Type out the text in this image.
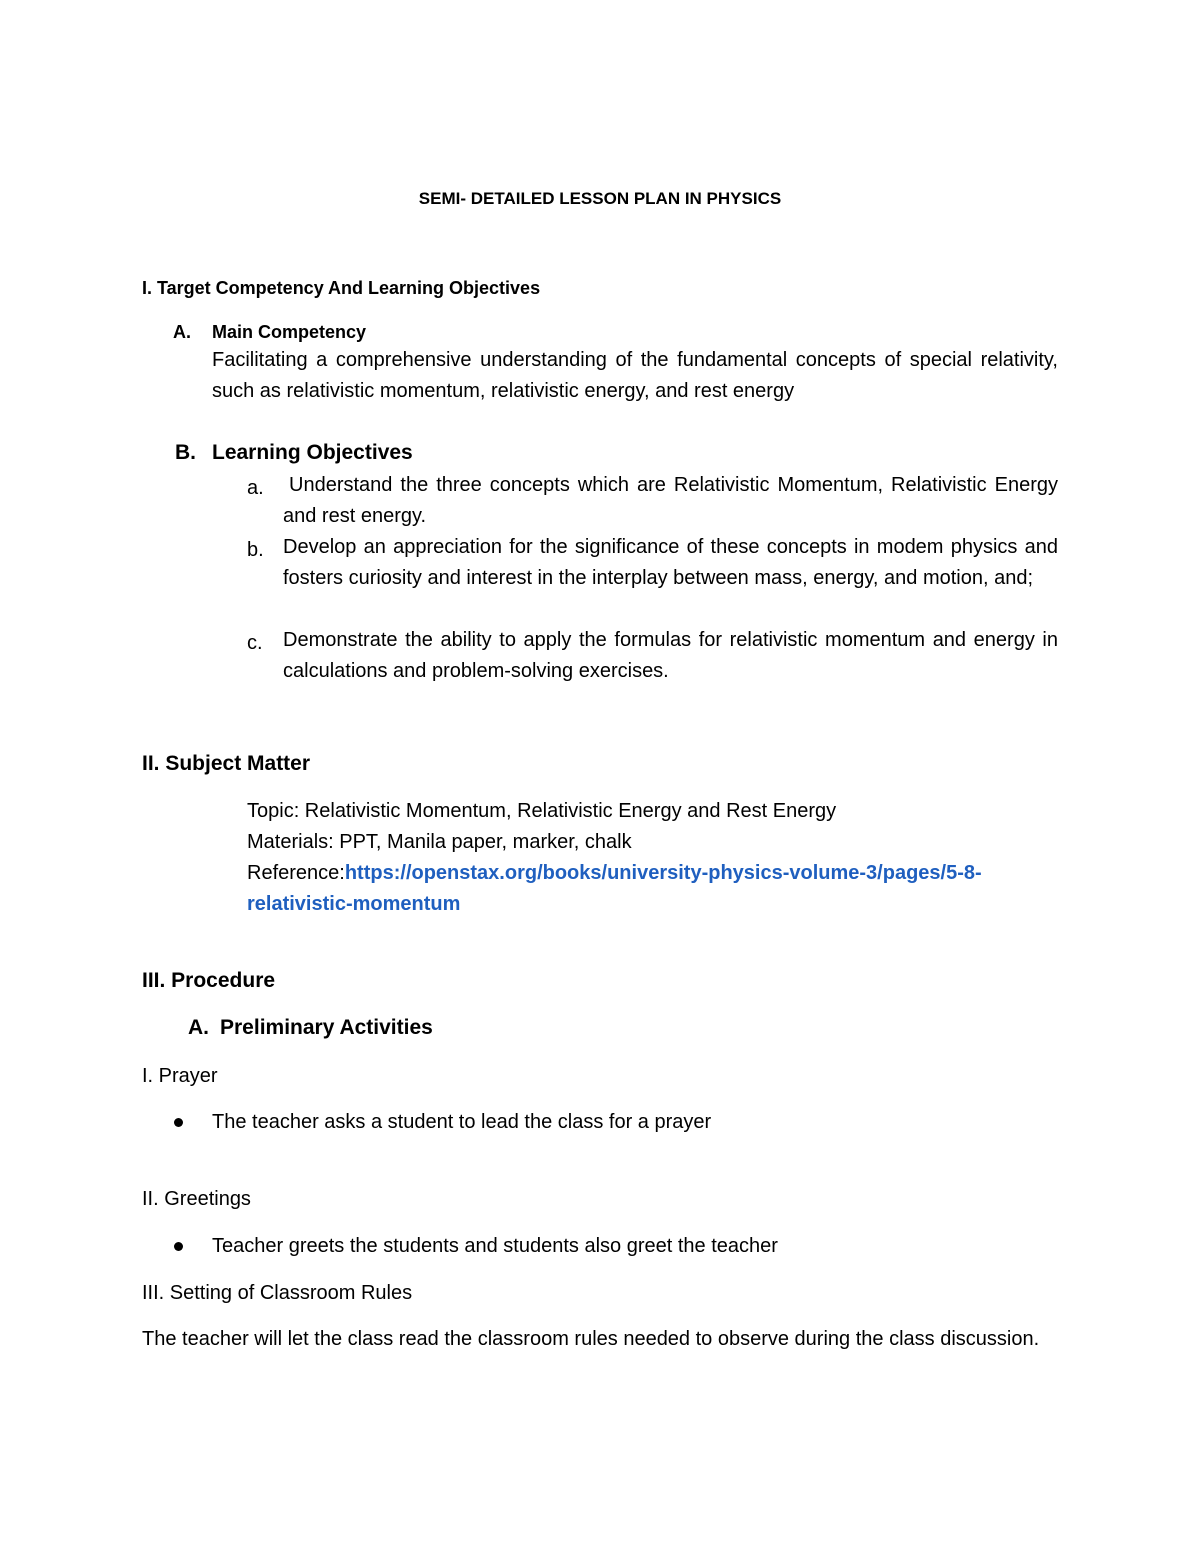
SEMI- DETAILED LESSON PLAN IN PHYSICS
I. Target Competency And Learning Objectives
A. Main Competency
Facilitating a comprehensive understanding of the fundamental concepts of special relativity, such as relativistic momentum, relativistic energy, and rest energy
B. Learning Objectives
a.	Understand the three concepts which are Relativistic Momentum, Relativistic Energy and rest energy.
b. Develop an appreciation for the significance of these concepts in modem physics and fosters curiosity and interest in the interplay between mass, energy, and motion, and;
c. Demonstrate the ability to apply the formulas for relativistic momentum and energy in calculations and problem-solving exercises.
II. Subject Matter
Topic: Relativistic Momentum, Relativistic Energy and Rest Energy
Materials: PPT, Manila paper, marker, chalk
Reference:https://openstax.org/books/university-physics-volume-3/pages/5-8-
relativistic-momentum
III. Procedure
A. Preliminary Activities
I. Prayer
The teacher asks a student to lead the class for a prayer
II. Greetings
Teacher greets the students and students also greet the teacher
III. Setting of Classroom Rules
The teacher will let the class read the classroom rules needed to observe during the class discussion.
